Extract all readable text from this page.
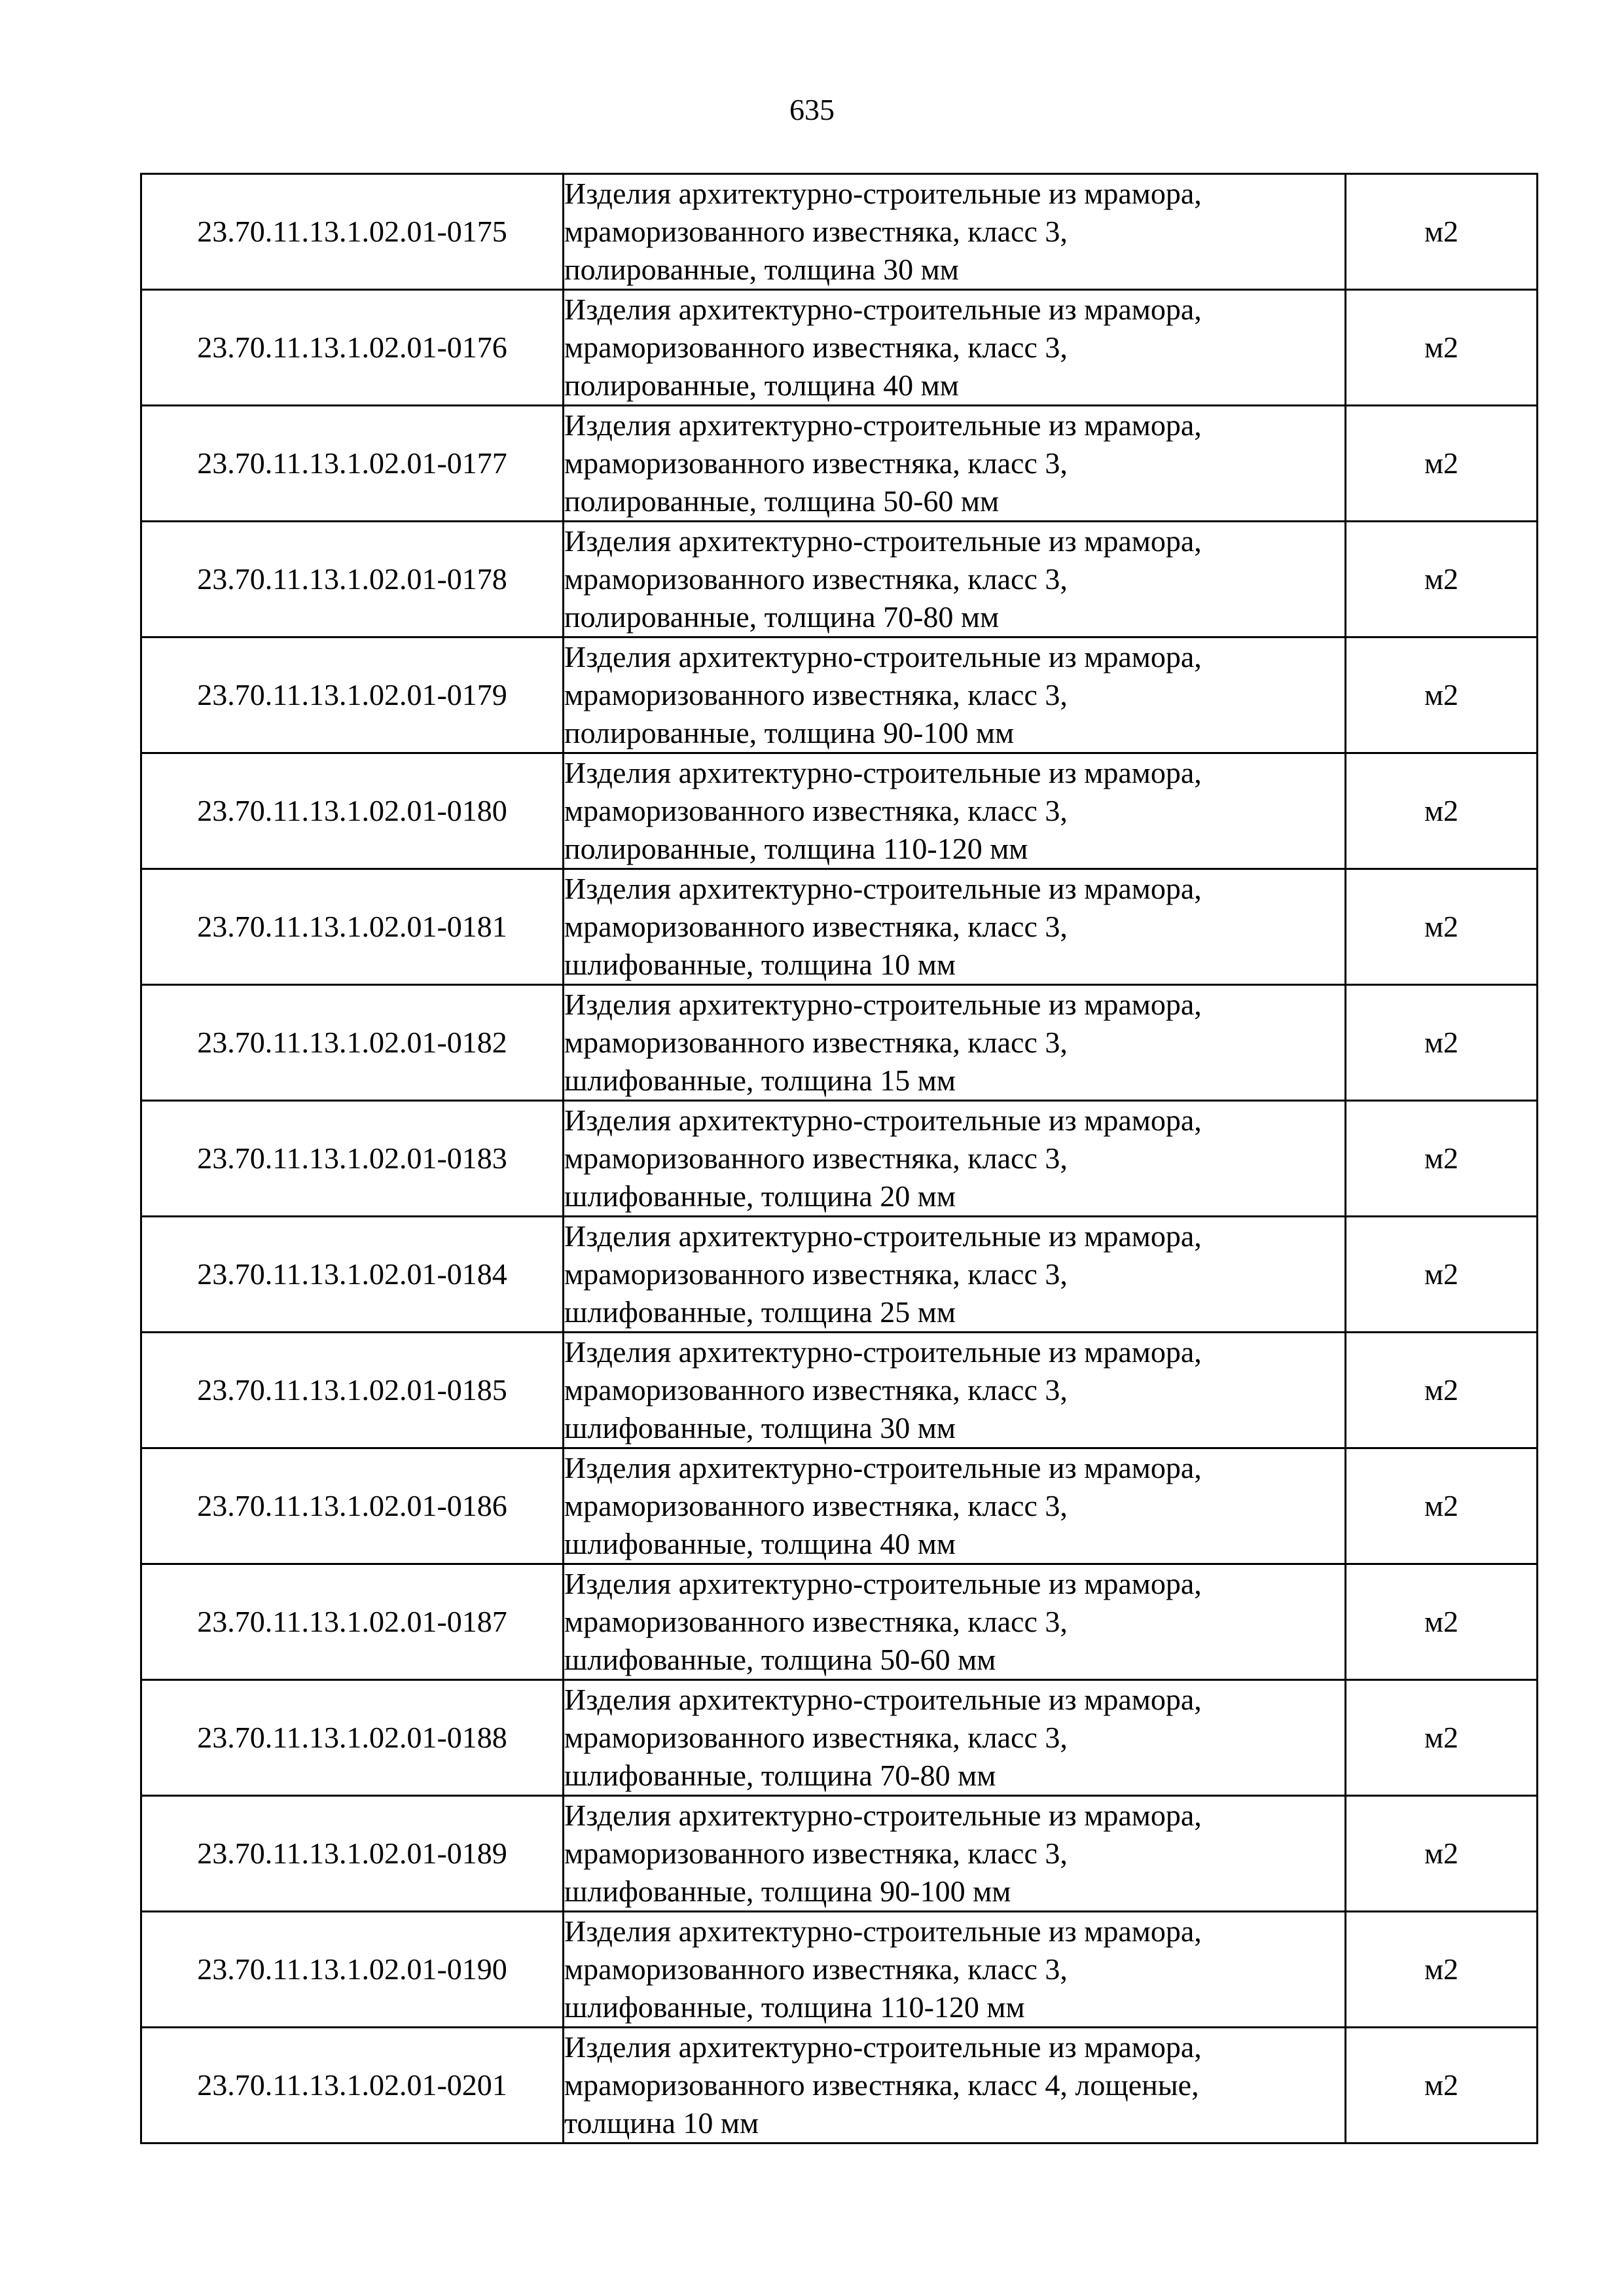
635
23.70.11.13.1.02.01-0175	Изделия архитектурно-строительные из мрамора,
мраморизованного известняка, класс 3,
полированные, толщина 30 мм	м2
23.70.11.13.1.02.01-0176	Изделия архитектурно-строительные из мрамора,
мраморизованного известняка, класс 3,
полированные, толщина 40 мм	м2
23.70.11.13.1.02.01-0177	Изделия архитектурно-строительные из мрамора,
мраморизованного известняка, класс 3,
полированные, толщина 50-60 мм	м2
23.70.11.13.1.02.01-0178	Изделия архитектурно-строительные из мрамора,
мраморизованного известняка, класс 3,
полированные, толщина 70-80 мм	м2
23.70.11.13.1.02.01-0179	Изделия архитектурно-строительные из мрамора,
мраморизованного известняка, класс 3,
полированные, толщина 90-100 мм	м2
23.70.11.13.1.02.01-0180	Изделия архитектурно-строительные из мрамора,
мраморизованного известняка, класс 3,
полированные, толщина 110-120 мм	м2
23.70.11.13.1.02.01-0181	Изделия архитектурно-строительные из мрамора,
мраморизованного известняка, класс 3,
шлифованные, толщина 10 мм	м2
23.70.11.13.1.02.01-0182	Изделия архитектурно-строительные из мрамора,
мраморизованного известняка, класс 3,
шлифованные, толщина 15 мм	м2
23.70.11.13.1.02.01-0183	Изделия архитектурно-строительные из мрамора,
мраморизованного известняка, класс 3,
шлифованные, толщина 20 мм	м2
23.70.11.13.1.02.01-0184	Изделия архитектурно-строительные из мрамора,
мраморизованного известняка, класс 3,
шлифованные, толщина 25 мм	м2
23.70.11.13.1.02.01-0185	Изделия архитектурно-строительные из мрамора,
мраморизованного известняка, класс 3,
шлифованные, толщина 30 мм	м2
23.70.11.13.1.02.01-0186	Изделия архитектурно-строительные из мрамора,
мраморизованного известняка, класс 3,
шлифованные, толщина 40 мм	м2
23.70.11.13.1.02.01-0187	Изделия архитектурно-строительные из мрамора,
мраморизованного известняка, класс 3,
шлифованные, толщина 50-60 мм	м2
23.70.11.13.1.02.01-0188	Изделия архитектурно-строительные из мрамора,
мраморизованного известняка, класс 3,
шлифованные, толщина 70-80 мм	м2
23.70.11.13.1.02.01-0189	Изделия архитектурно-строительные из мрамора,
мраморизованного известняка, класс 3,
шлифованные, толщина 90-100 мм	м2
23.70.11.13.1.02.01-0190	Изделия архитектурно-строительные из мрамора,
мраморизованного известняка, класс 3,
шлифованные, толщина 110-120 мм	м2
23.70.11.13.1.02.01-0201	Изделия архитектурно-строительные из мрамора,
мраморизованного известняка, класс 4, лощеные,
толщина 10 мм	м2
